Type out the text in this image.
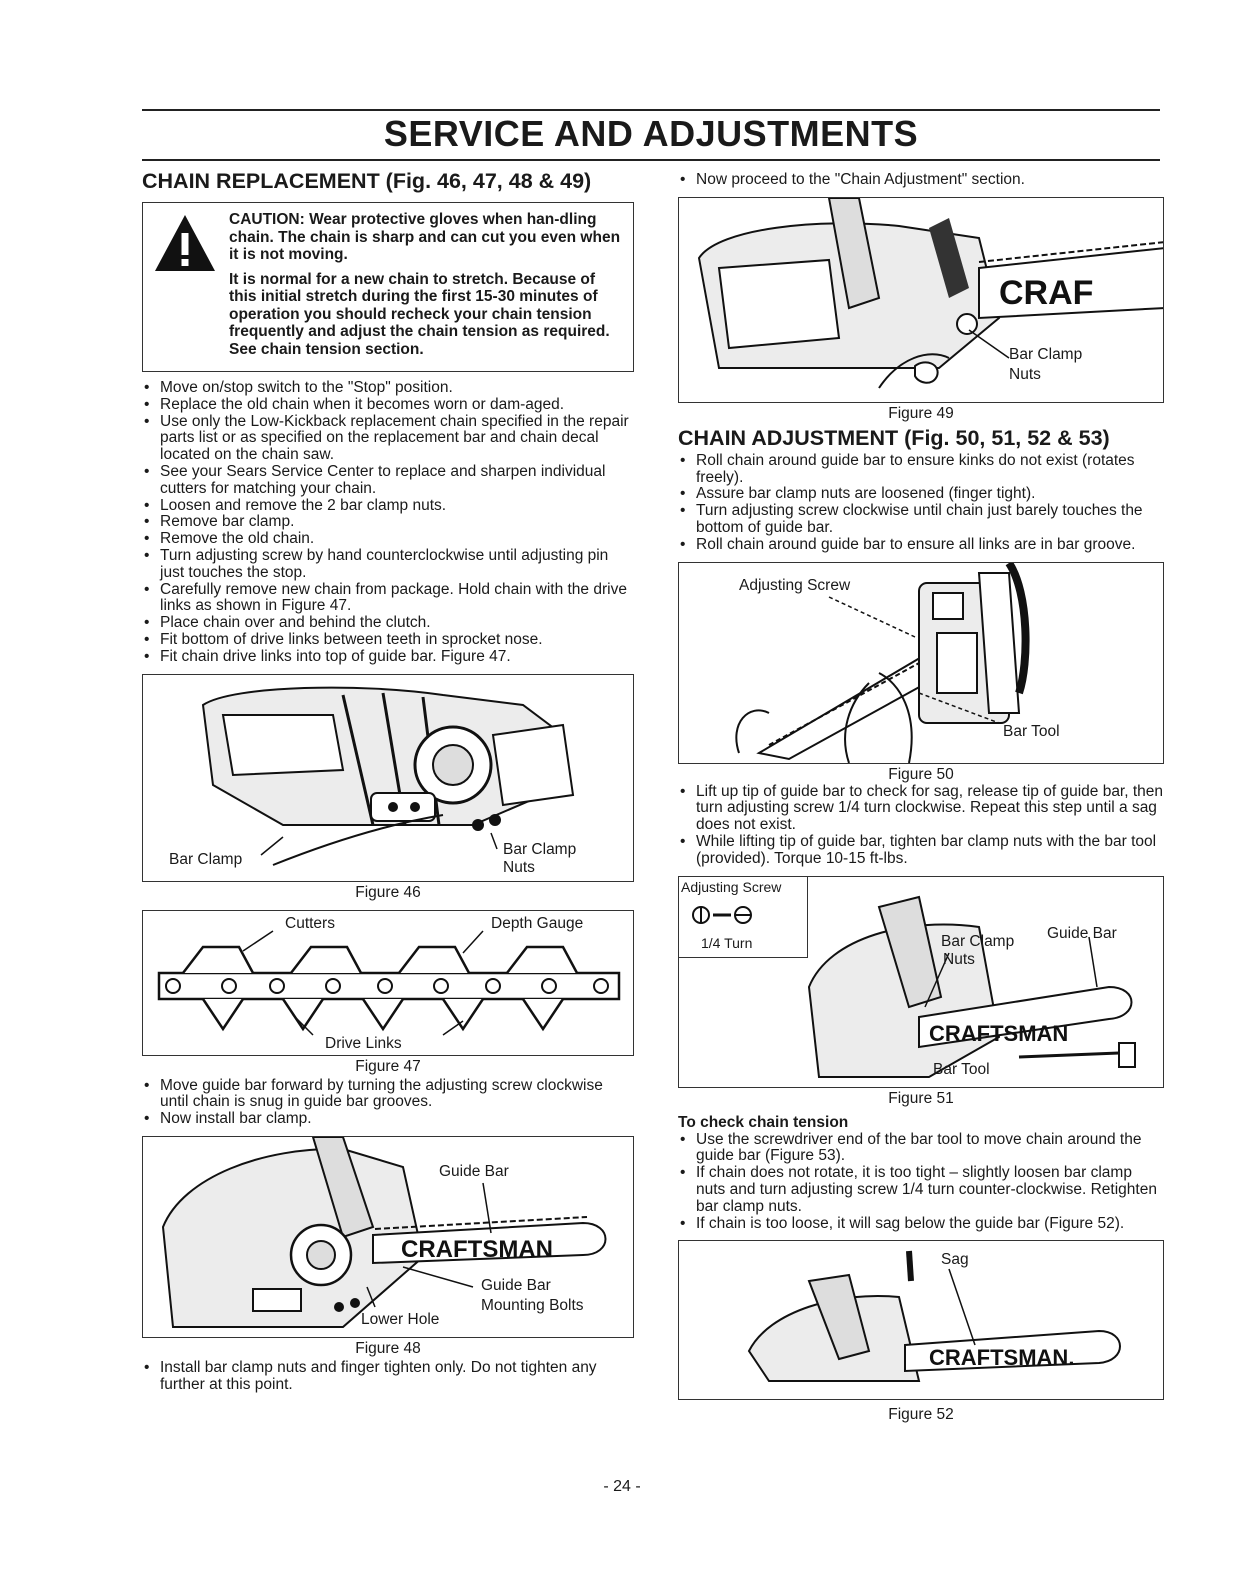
SERVICE AND ADJUSTMENTS
CHAIN REPLACEMENT (Fig. 46, 47, 48 & 49)

CAUTION: Wear protective gloves when han-dling chain. The chain is sharp and can cut you even when it is not moving.

It is normal for a new chain to stretch. Because of this initial stretch during the first 15-30 minutes of operation you should recheck your chain tension frequently and adjust the chain tension as required. See chain tension section.

• Move on/stop switch to the "Stop" position.
• Replace the old chain when it becomes worn or dam-aged.
• Use only the Low-Kickback replacement chain specified in the repair parts list or as specified on the replacement bar and chain decal located on the chain saw.
• See your Sears Service Center to replace and sharpen individual cutters for matching your chain.
• Loosen and remove the 2 bar clamp nuts.
• Remove bar clamp.
• Remove the old chain.
• Turn adjusting screw by hand counterclockwise until adjusting pin just touches the stop.
• Carefully remove new chain from package. Hold chain with the drive links as shown in Figure 47.
• Place chain over and behind the clutch.
• Fit bottom of drive links between teeth in sprocket nose.
• Fit chain drive links into top of guide bar. Figure 47.
Bar Clamp
Bar Clamp
Nuts
Figure 46
Cutters	Depth Gauge
Drive Links
Figure 47
• Move guide bar forward by turning the adjusting screw clockwise until chain is snug in guide bar grooves.
• Now install bar clamp.
CRAFTSMAN
Guide Bar
Guide Bar
Mounting Bolts
Lower Hole
Figure 48
• Install bar clamp nuts and finger tighten only. Do not tighten any further at this point.
• Now proceed to the "Chain Adjustment" section.
CRAF
Bar Clamp
Nuts
Figure 49
CHAIN ADJUSTMENT (Fig. 50, 51, 52 & 53)
• Roll chain around guide bar to ensure kinks do not exist (rotates freely).
• Assure bar clamp nuts are loosened (finger tight).
• Turn adjusting screw clockwise until chain just barely touches the bottom of guide bar.
• Roll chain around guide bar to ensure all links are in bar groove.
Adjusting Screw
Bar Tool
Figure 50
• Lift up tip of guide bar to check for sag, release tip of guide bar, then turn adjusting screw 1/4 turn clockwise. Repeat this step until a sag does not exist.
• While lifting tip of guide bar, tighten bar clamp nuts with the bar tool (provided). Torque 10-15 ft-lbs.
CRAFTSMAN
Adjusting Screw
1/4 Turn	Bar Clamp
Nuts
Guide Bar
Bar Tool
Figure 51
To check chain tension
• Use the screwdriver end of the bar tool to move chain around the guide bar (Figure 53).
• If chain does not rotate, it is too tight – slightly loosen bar clamp nuts and turn adjusting screw 1/4 turn counter-clockwise. Retighten bar clamp nuts.
• If chain is too loose, it will sag below the guide bar (Figure 52).
CRAFTSMAN.
Sag
Figure 52
- 24 -
